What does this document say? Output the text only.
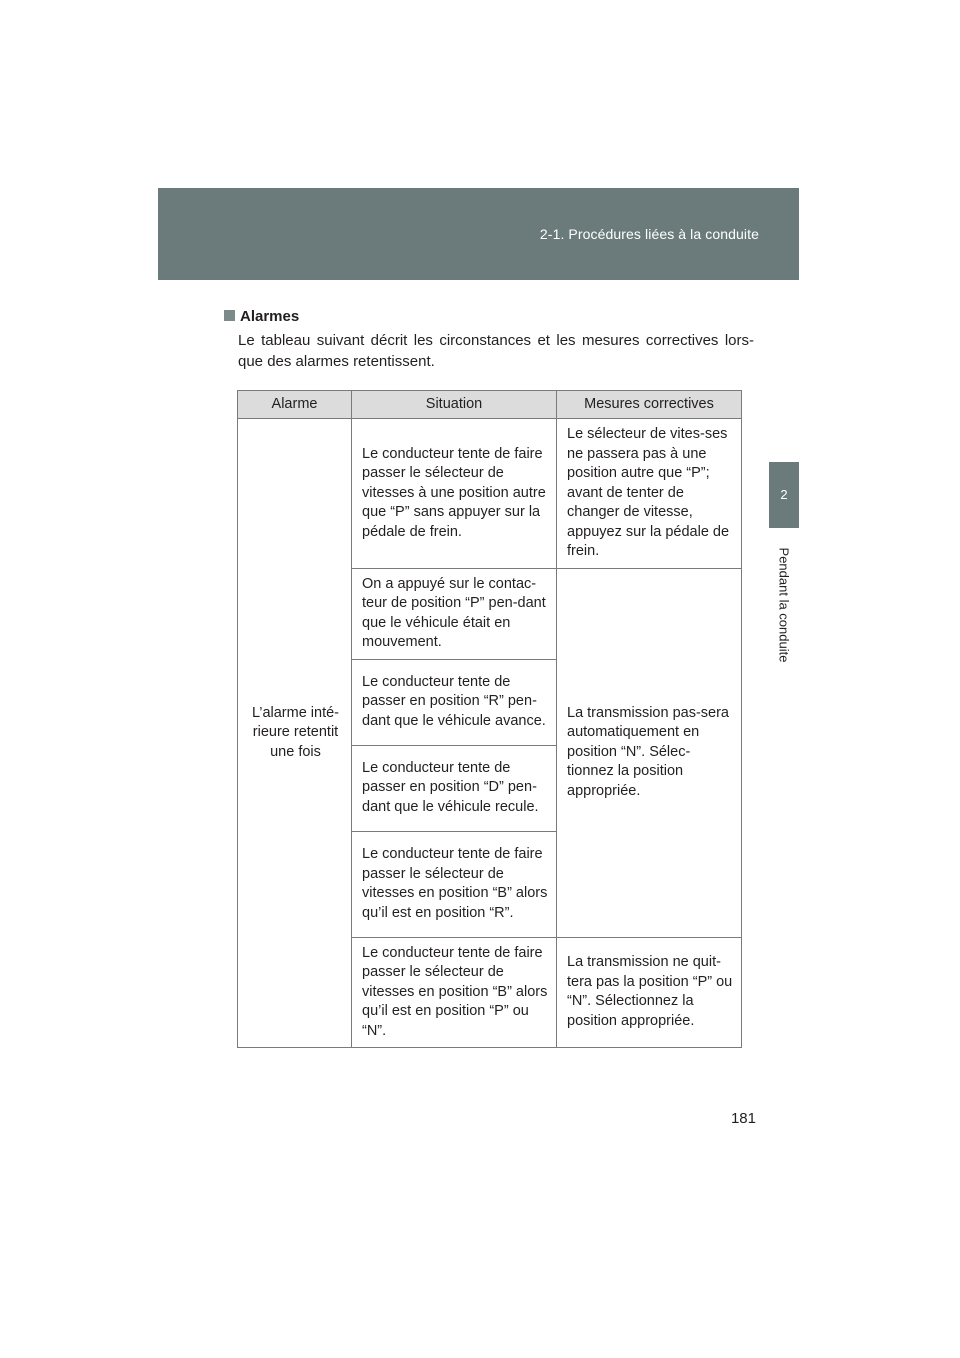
2-1. Procédures liées à la conduite
2
Pendant la conduite
Alarmes
Le tableau suivant décrit les circonstances et les mesures correctives lors-que des alarmes retentissent.
Alarme	Situation	Mesures correctives
L’alarme inté-rieure retentit une fois	Le conducteur tente de faire passer le sélecteur de vitesses à une position autre que “P” sans appuyer sur la pédale de frein.	Le sélecteur de vites-ses ne passera pas à une position autre que “P”; avant de tenter de changer de vitesse, appuyez sur la pédale de frein.
	On a appuyé sur le contac-teur de position “P” pen-dant que le véhicule était en mouvement.	La transmission pas-sera automatiquement en position “N”. Sélec-tionnez la position appropriée.
	Le conducteur tente de passer en position “R” pen-dant que le véhicule avance.	
	Le conducteur tente de passer en position “D” pen-dant que le véhicule recule.	
	Le conducteur tente de faire passer le sélecteur de vitesses en position “B” alors qu’il est en position “R”.	
	Le conducteur tente de faire passer le sélecteur de vitesses en position “B” alors qu’il est en position “P” ou “N”.	La transmission ne quit-tera pas la position “P” ou “N”. Sélectionnez la position appropriée.
181
